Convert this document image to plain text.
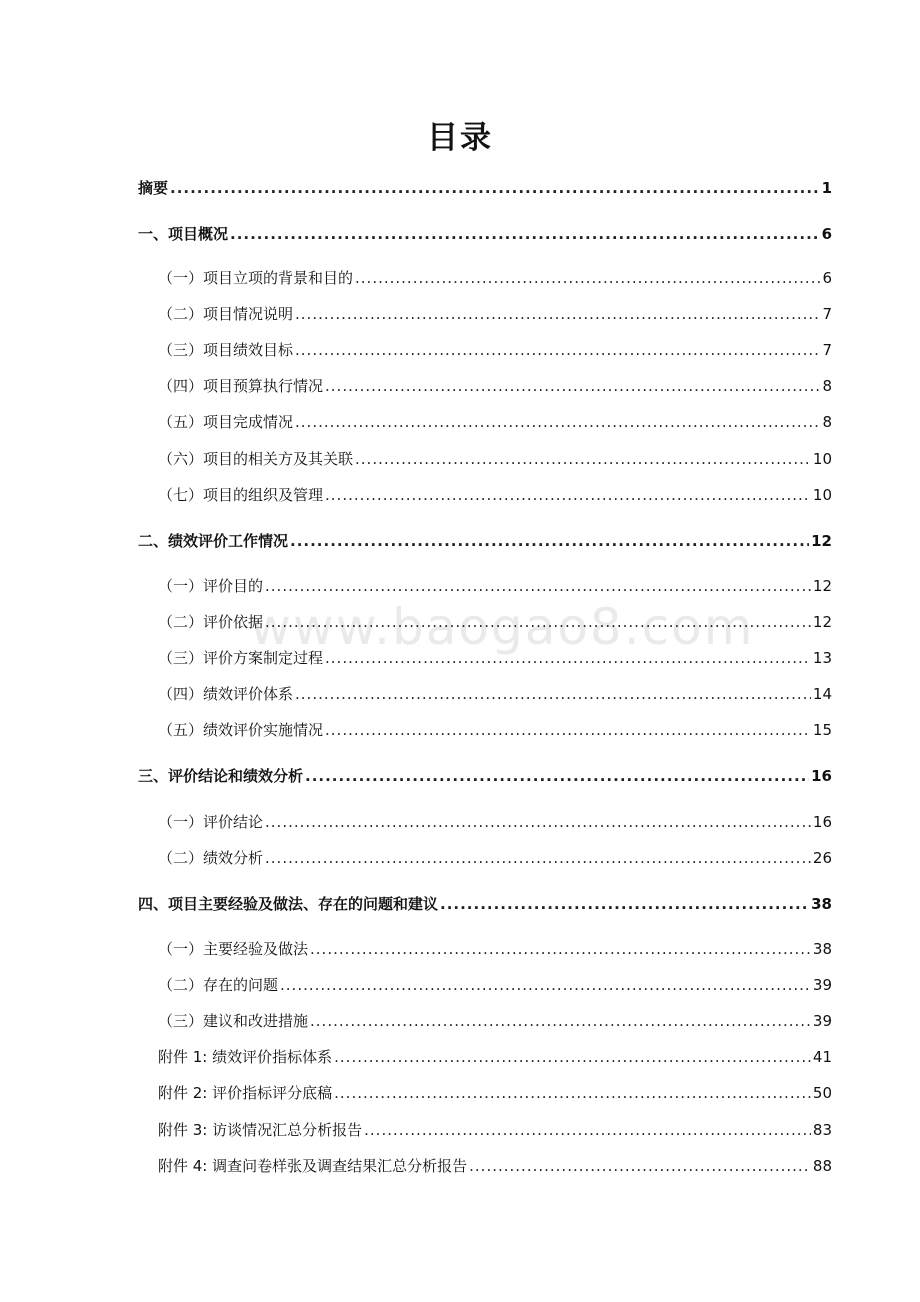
目录
www.baogao8.com
摘要 .....	1
一、项目概况 .....	6
（一）项目立项的背景和目的 .....	6
（二）项目情况说明 .....	7
（三）项目绩效目标 .....	7
（四）项目预算执行情况 .....	8
（五）项目完成情况 .....	8
（六）项目的相关方及其关联 .....	10
（七）项目的组织及管理 .....	10
二、绩效评价工作情况 .....	12
（一）评价目的 .....	12
（二）评价依据 .....	12
（三）评价方案制定过程 .....	13
（四）绩效评价体系 .....	14
（五）绩效评价实施情况 .....	15
三、评价结论和绩效分析 .....	16
（一）评价结论 .....	16
（二）绩效分析 .....	26
四、项目主要经验及做法、存在的问题和建议 .....	38
（一）主要经验及做法 .....	38
（二）存在的问题 .....	39
（三）建议和改进措施 .....	39
附件 1: 绩效评价指标体系 .....	41
附件 2: 评价指标评分底稿 .....	50
附件 3: 访谈情况汇总分析报告 .....	83
附件 4: 调查问卷样张及调查结果汇总分析报告 .....	88
